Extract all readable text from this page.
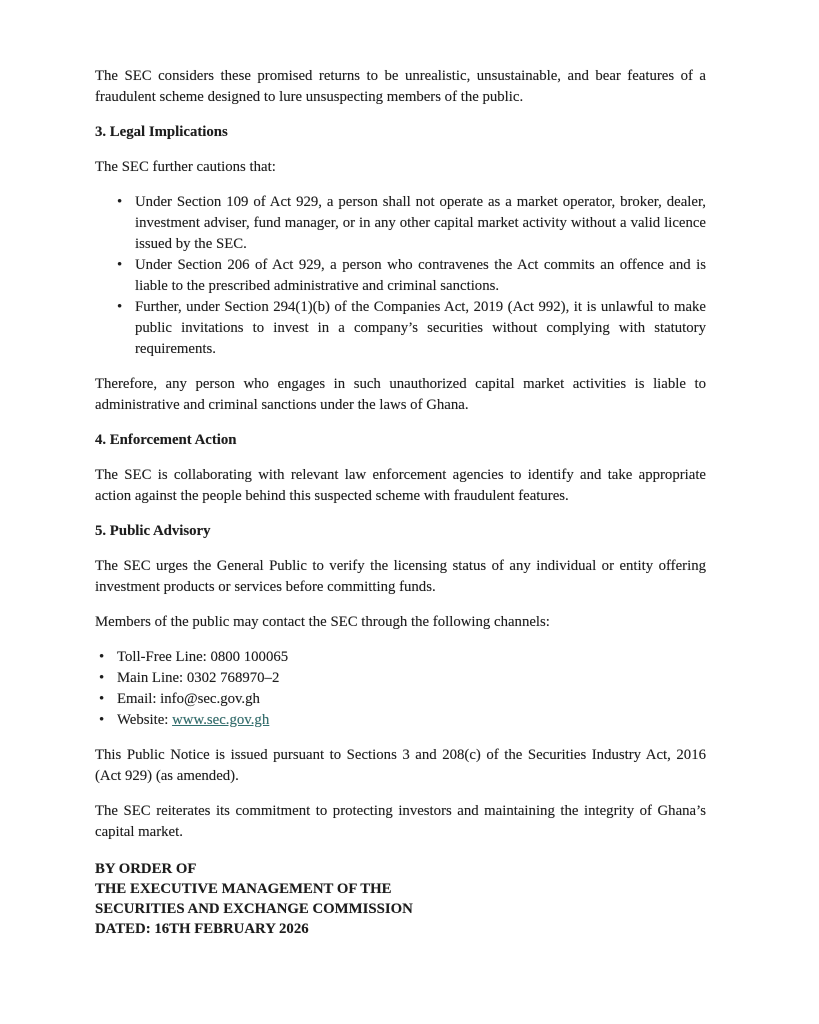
The SEC considers these promised returns to be unrealistic, unsustainable, and bear features of a fraudulent scheme designed to lure unsuspecting members of the public.

3. Legal Implications

The SEC further cautions that:

• Under Section 109 of Act 929, a person shall not operate as a market operator, broker, dealer, investment adviser, fund manager, or in any other capital market activity without a valid licence issued by the SEC.
• Under Section 206 of Act 929, a person who contravenes the Act commits an offence and is liable to the prescribed administrative and criminal sanctions.
• Further, under Section 294(1)(b) of the Companies Act, 2019 (Act 992), it is unlawful to make public invitations to invest in a company’s securities without complying with statutory requirements.

Therefore, any person who engages in such unauthorized capital market activities is liable to administrative and criminal sanctions under the laws of Ghana.

4. Enforcement Action

The SEC is collaborating with relevant law enforcement agencies to identify and take appropriate action against the people behind this suspected scheme with fraudulent features.

5. Public Advisory

The SEC urges the General Public to verify the licensing status of any individual or entity offering investment products or services before committing funds.

Members of the public may contact the SEC through the following channels:

• Toll-Free Line: 0800 100065
• Main Line: 0302 768970–2
• Email: info@sec.gov.gh
• Website: www.sec.gov.gh

This Public Notice is issued pursuant to Sections 3 and 208(c) of the Securities Industry Act, 2016 (Act 929) (as amended).

The SEC reiterates its commitment to protecting investors and maintaining the integrity of Ghana’s capital market.

BY ORDER OF
THE EXECUTIVE MANAGEMENT OF THE
SECURITIES AND EXCHANGE COMMISSION
DATED: 16TH FEBRUARY 2026
